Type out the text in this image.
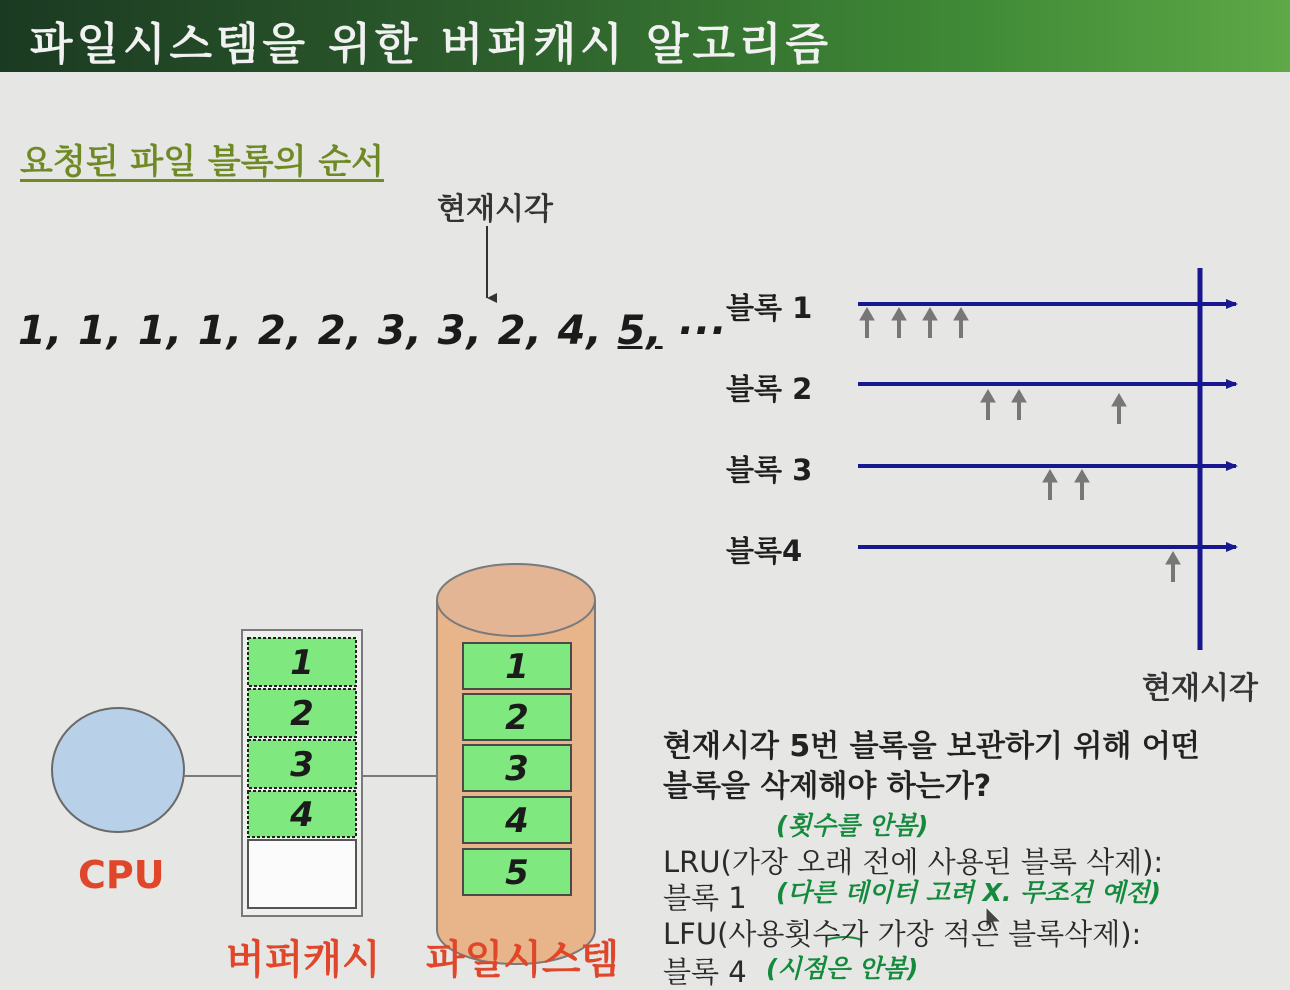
파일시스템을 위한 버퍼캐시 알고리즘
요청된 파일 블록의 순서
현재시각
1, 1, 1, 1, 2, 2, 3, 3, 2, 4, 5, ···
1
2
3
4
1
2
3
4
5
CPU
버퍼캐시 파일시스템
블록 1
블록 2
블록 3
블록4
현재시각
현재시각 5번 블록을 보관하기 위해 어떤
블록을 삭제해야 하는가?
LRU(가장 오래 전에 사용된 블록 삭제):
블록 1
LFU(사용횟수가 가장 적은 블록삭제):
블록 4
(횟수를 안봄)
(다른 데이터 고려 X. 무조건 예전)
(시점은 안봄)
